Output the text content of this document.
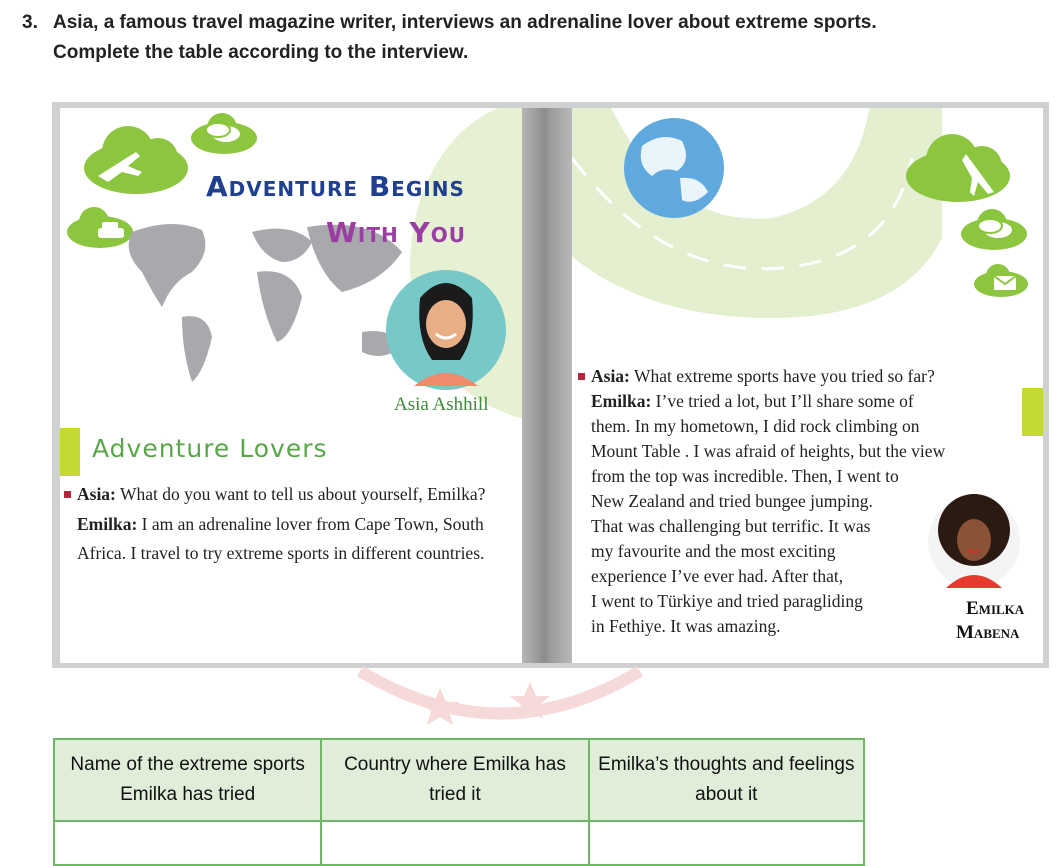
3. Asia, a famous travel magazine writer, interviews an adrenaline lover about extreme sports.
Complete the table according to the interview.
Adventure Begins
With You
Asia Ashhill
Adventure Lovers
Asia: What do you want to tell us about yourself, Emilka?
Emilka: I am an adrenaline lover from Cape Town, South
Africa. I travel to try extreme sports in different countries.
Asia: What extreme sports have you tried so far?
Emilka: I’ve tried a lot, but I’ll share some of
them. In my hometown, I did rock climbing on
Mount Table . I was afraid of heights, but the view
from the top was incredible. Then, I went to
New Zealand and tried bungee jumping.
That was challenging but terrific. It was
my favourite and the most exciting
experience I’ve ever had. After that,
I went to Türkiye and tried paragliding
in Fethiye. It was amazing.
Emilka
Mabena
Name of the extreme sports Emilka has tried	Country where Emilka has tried it	Emilka’s thoughts and feelings about it
